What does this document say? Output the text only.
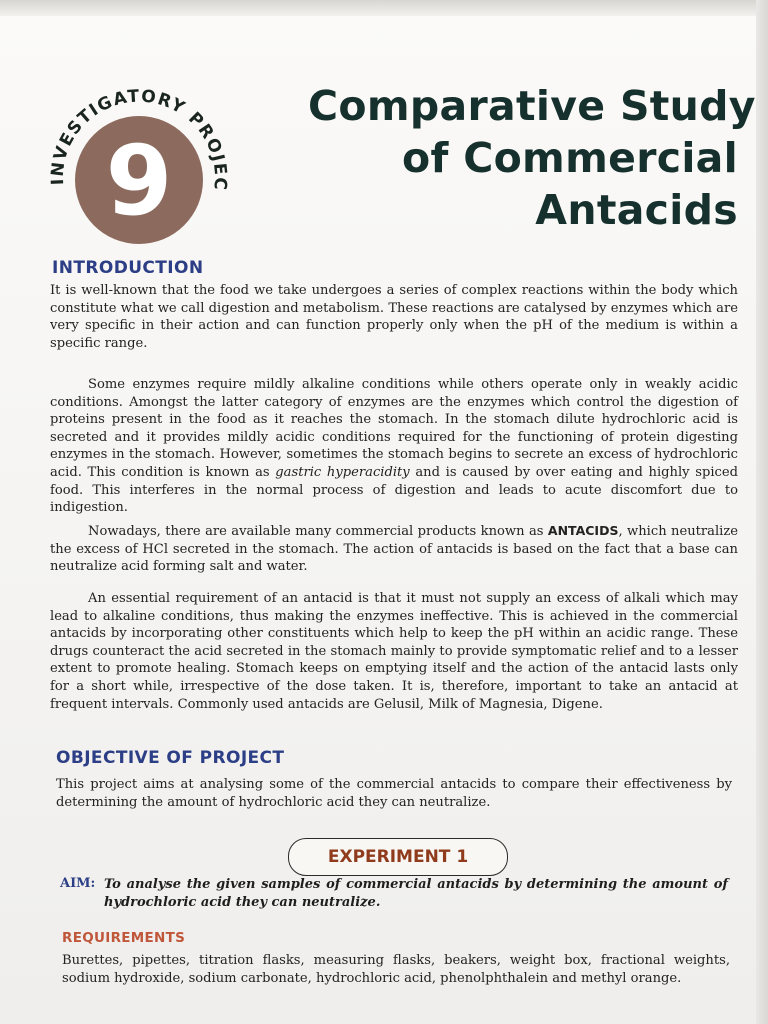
INVESTIGATORY PROJEC
9
Comparative Study
of Commercial
Antacids
INTRODUCTION

It is well-known that the food we take undergoes a series of complex reactions within the body which constitute what we call digestion and metabolism. These reactions are catalysed by enzymes which are very specific in their action and can function properly only when the pH of the medium is within a specific range.

Some enzymes require mildly alkaline conditions while others operate only in weakly acidic conditions. Amongst the latter category of enzymes are the enzymes which control the digestion of proteins present in the food as it reaches the stomach. In the stomach dilute hydrochloric acid is secreted and it provides mildly acidic conditions required for the functioning of protein digesting enzymes in the stomach. However, sometimes the stomach begins to secrete an excess of hydrochloric acid. This condition is known as gastric hyperacidity and is caused by over eating and highly spiced food. This interferes in the normal process of digestion and leads to acute discomfort due to indigestion.

Nowadays, there are available many commercial products known as ANTACIDS, which neutralize the excess of HCl secreted in the stomach. The action of antacids is based on the fact that a base can neutralize acid forming salt and water.

An essential requirement of an antacid is that it must not supply an excess of alkali which may lead to alkaline conditions, thus making the enzymes ineffective. This is achieved in the commercial antacids by incorporating other constituents which help to keep the pH within an acidic range. These drugs counteract the acid secreted in the stomach mainly to provide symptomatic relief and to a lesser extent to promote healing. Stomach keeps on emptying itself and the action of the antacid lasts only for a short while, irrespective of the dose taken. It is, therefore, important to take an antacid at frequent intervals. Commonly used antacids are Gelusil, Milk of Magnesia, Digene.

OBJECTIVE OF PROJECT

This project aims at analysing some of the commercial antacids to compare their effectiveness by determining the amount of hydrochloric acid they can neutralize.

EXPERIMENT 1
AIM: To analyse the given samples of commercial antacids by determining the amount of hydrochloric acid they can neutralize.

REQUIREMENTS

Burettes, pipettes, titration flasks, measuring flasks, beakers, weight box, fractional weights, sodium hydroxide, sodium carbonate, hydrochloric acid, phenolphthalein and methyl orange.
